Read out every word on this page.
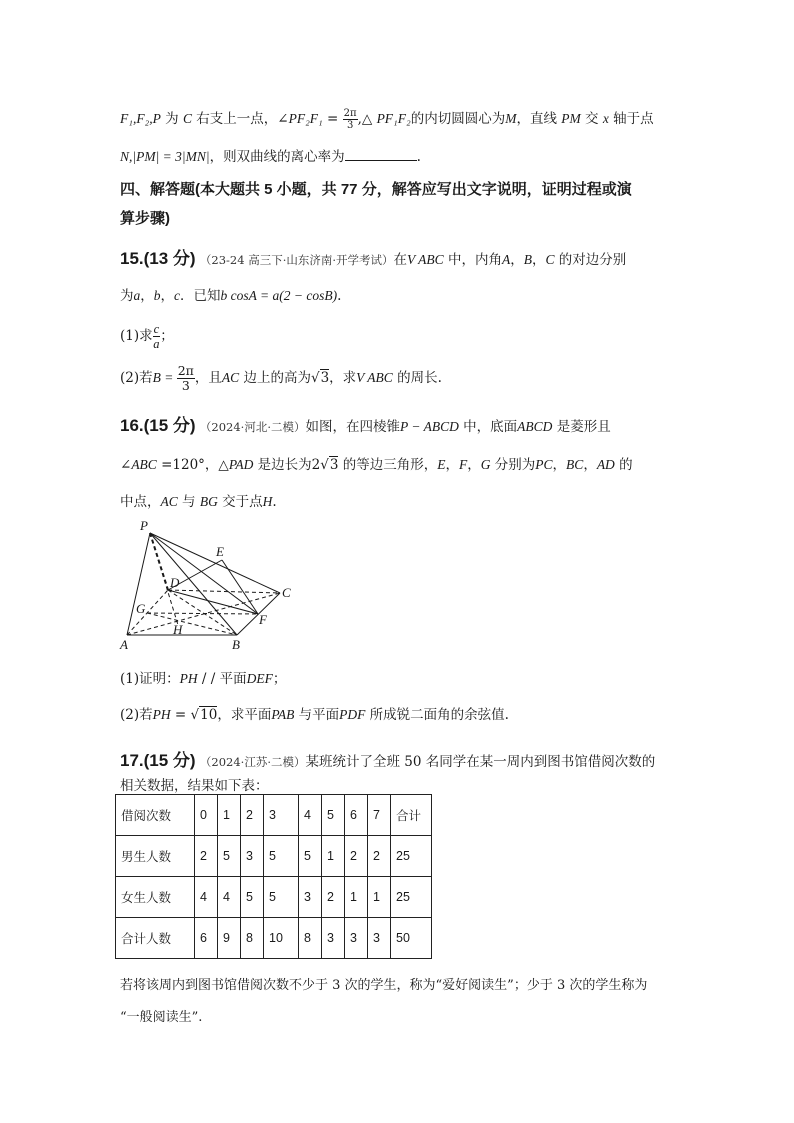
F₁,F₂,P 为 C 右支上一点，∠PF₂F₁ = $\frac{2\pi}{3}$ ,△ PF₁F₂的内切圆圆心为M，直线 PM 交 x 轴于点
N,|PM| = 3|MN|，则双曲线的离心率为	.
四、解答题(本大题共 5 小题，共 77 分，解答应写出文字说明，证明过程或演
算步骤)
15.(13 分) （23-24 高三下·山东济南·开学考试）在V ABC 中，内角A，B，C 的对边分别
为a，b，c．已知b cosA = a(2 − cosB).
(1)求 $\frac{c}{a}$ ；
(2)若$B = \frac{2\pi}{3}$ ，且AC 边上的高为√3，求V ABC 的周长.
16.(15 分) （2024·河北·二模）如图，在四棱锥P − ABCD 中，底面ABCD 是菱形且
∠ABC =120°，△PAD 是边长为2√3 的等边三角形，E，F，G 分别为PC，BC，AD 的
中点，AC 与 BG 交于点H.
P
E
D
C
G
F
H
A	B
(1)证明：PH / / 平面DEF；
(2)若PH = √10，求平面PAB 与平面PDF 所成锐二面角的余弦值.
17.(15 分) （2024·江苏·二模）某班统计了全班 50 名同学在某一周内到图书馆借阅次数的
相关数据，结果如下表：
借阅次数	0	1	2	3	4	5	6	7	合计
男生人数	2	5	3	5	5	1	2	2	25
女生人数	4	4	5	5	3	2	1	1	25
合计人数	6	9	8	10	8	3	3	3	50
若将该周内到图书馆借阅次数不少于 3 次的学生，称为“爱好阅读生”；少于 3 次的学生称为
“一般阅读生”.
